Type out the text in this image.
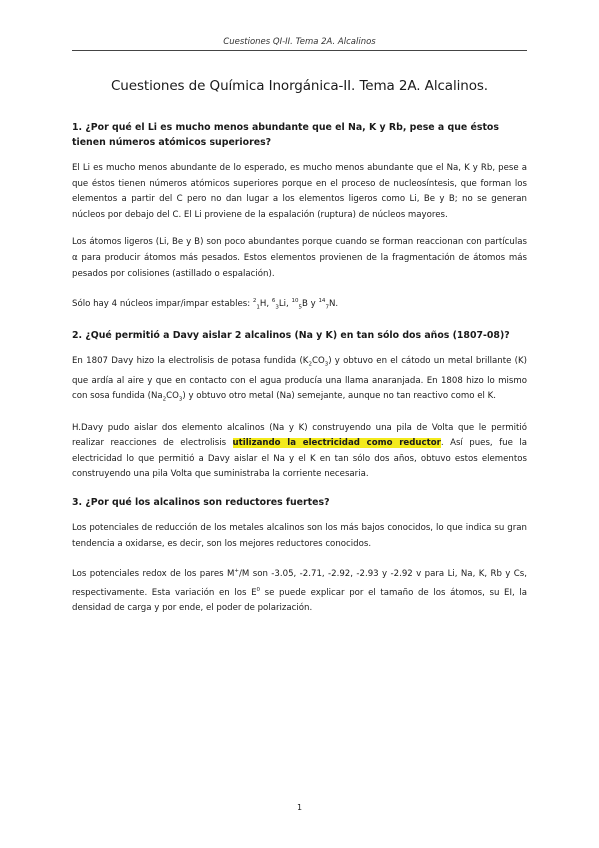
Cuestiones QI-II. Tema 2A. Alcalinos
Cuestiones de Química Inorgánica-II. Tema 2A. Alcalinos.
1. ¿Por qué el Li es mucho menos abundante que el Na, K y Rb, pese a que éstos tienen números atómicos superiores?

El Li es mucho menos abundante de lo esperado, es mucho menos abundante que el Na, K y Rb, pese a que éstos tienen números atómicos superiores porque en el proceso de nucleosíntesis, que forman los elementos a partir del C pero no dan lugar a los elementos ligeros como Li, Be y B; no se generan núcleos por debajo del C. El Li proviene de la espalación (ruptura) de núcleos mayores.

Los átomos ligeros (Li, Be y B) son poco abundantes porque cuando se forman reaccionan con partículas α para producir átomos más pesados. Estos elementos provienen de la fragmentación de átomos más pesados por colisiones (astillado o espalación).

Sólo hay 4 núcleos impar/impar estables: $^2_1$H, $^6_3$Li, $^{10}_5$B y $^{14}_7$N.

2. ¿Qué permitió a Davy aislar 2 alcalinos (Na y K) en tan sólo dos años (1807-08)?

En 1807 Davy hizo la electrolisis de potasa fundida $(K_2CO_3)$ y obtuvo en el cátodo un metal brillante (K) que ardía al aire y que en contacto con el agua producía una llama anaranjada. En 1808 hizo lo mismo con sosa fundida $(Na_2CO_3)$ y obtuvo otro metal (Na) semejante, aunque no tan reactivo como el K.

H.Davy pudo aislar dos elemento alcalinos (Na y K) construyendo una pila de Volta que le permitió realizar reacciones de electrolisis utilizando la electricidad como reductor. Así pues, fue la electricidad lo que permitió a Davy aislar el Na y el K en tan sólo dos años, obtuvo estos elementos construyendo una pila Volta que suministraba la corriente necesaria.

3. ¿Por qué los alcalinos son reductores fuertes?

Los potenciales de reducción de los metales alcalinos son los más bajos conocidos, lo que indica su gran tendencia a oxidarse, es decir, son los mejores reductores conocidos.

Los potenciales redox de los pares M+/M son -3.05, -2.71, -2.92, -2.93 y -2.92 v para Li, Na, K, Rb y Cs, respectivamente. Esta variación en los $E^0$ se puede explicar por el tamaño de los átomos, su EI, la densidad de carga y por ende, el poder de polarización.

1
